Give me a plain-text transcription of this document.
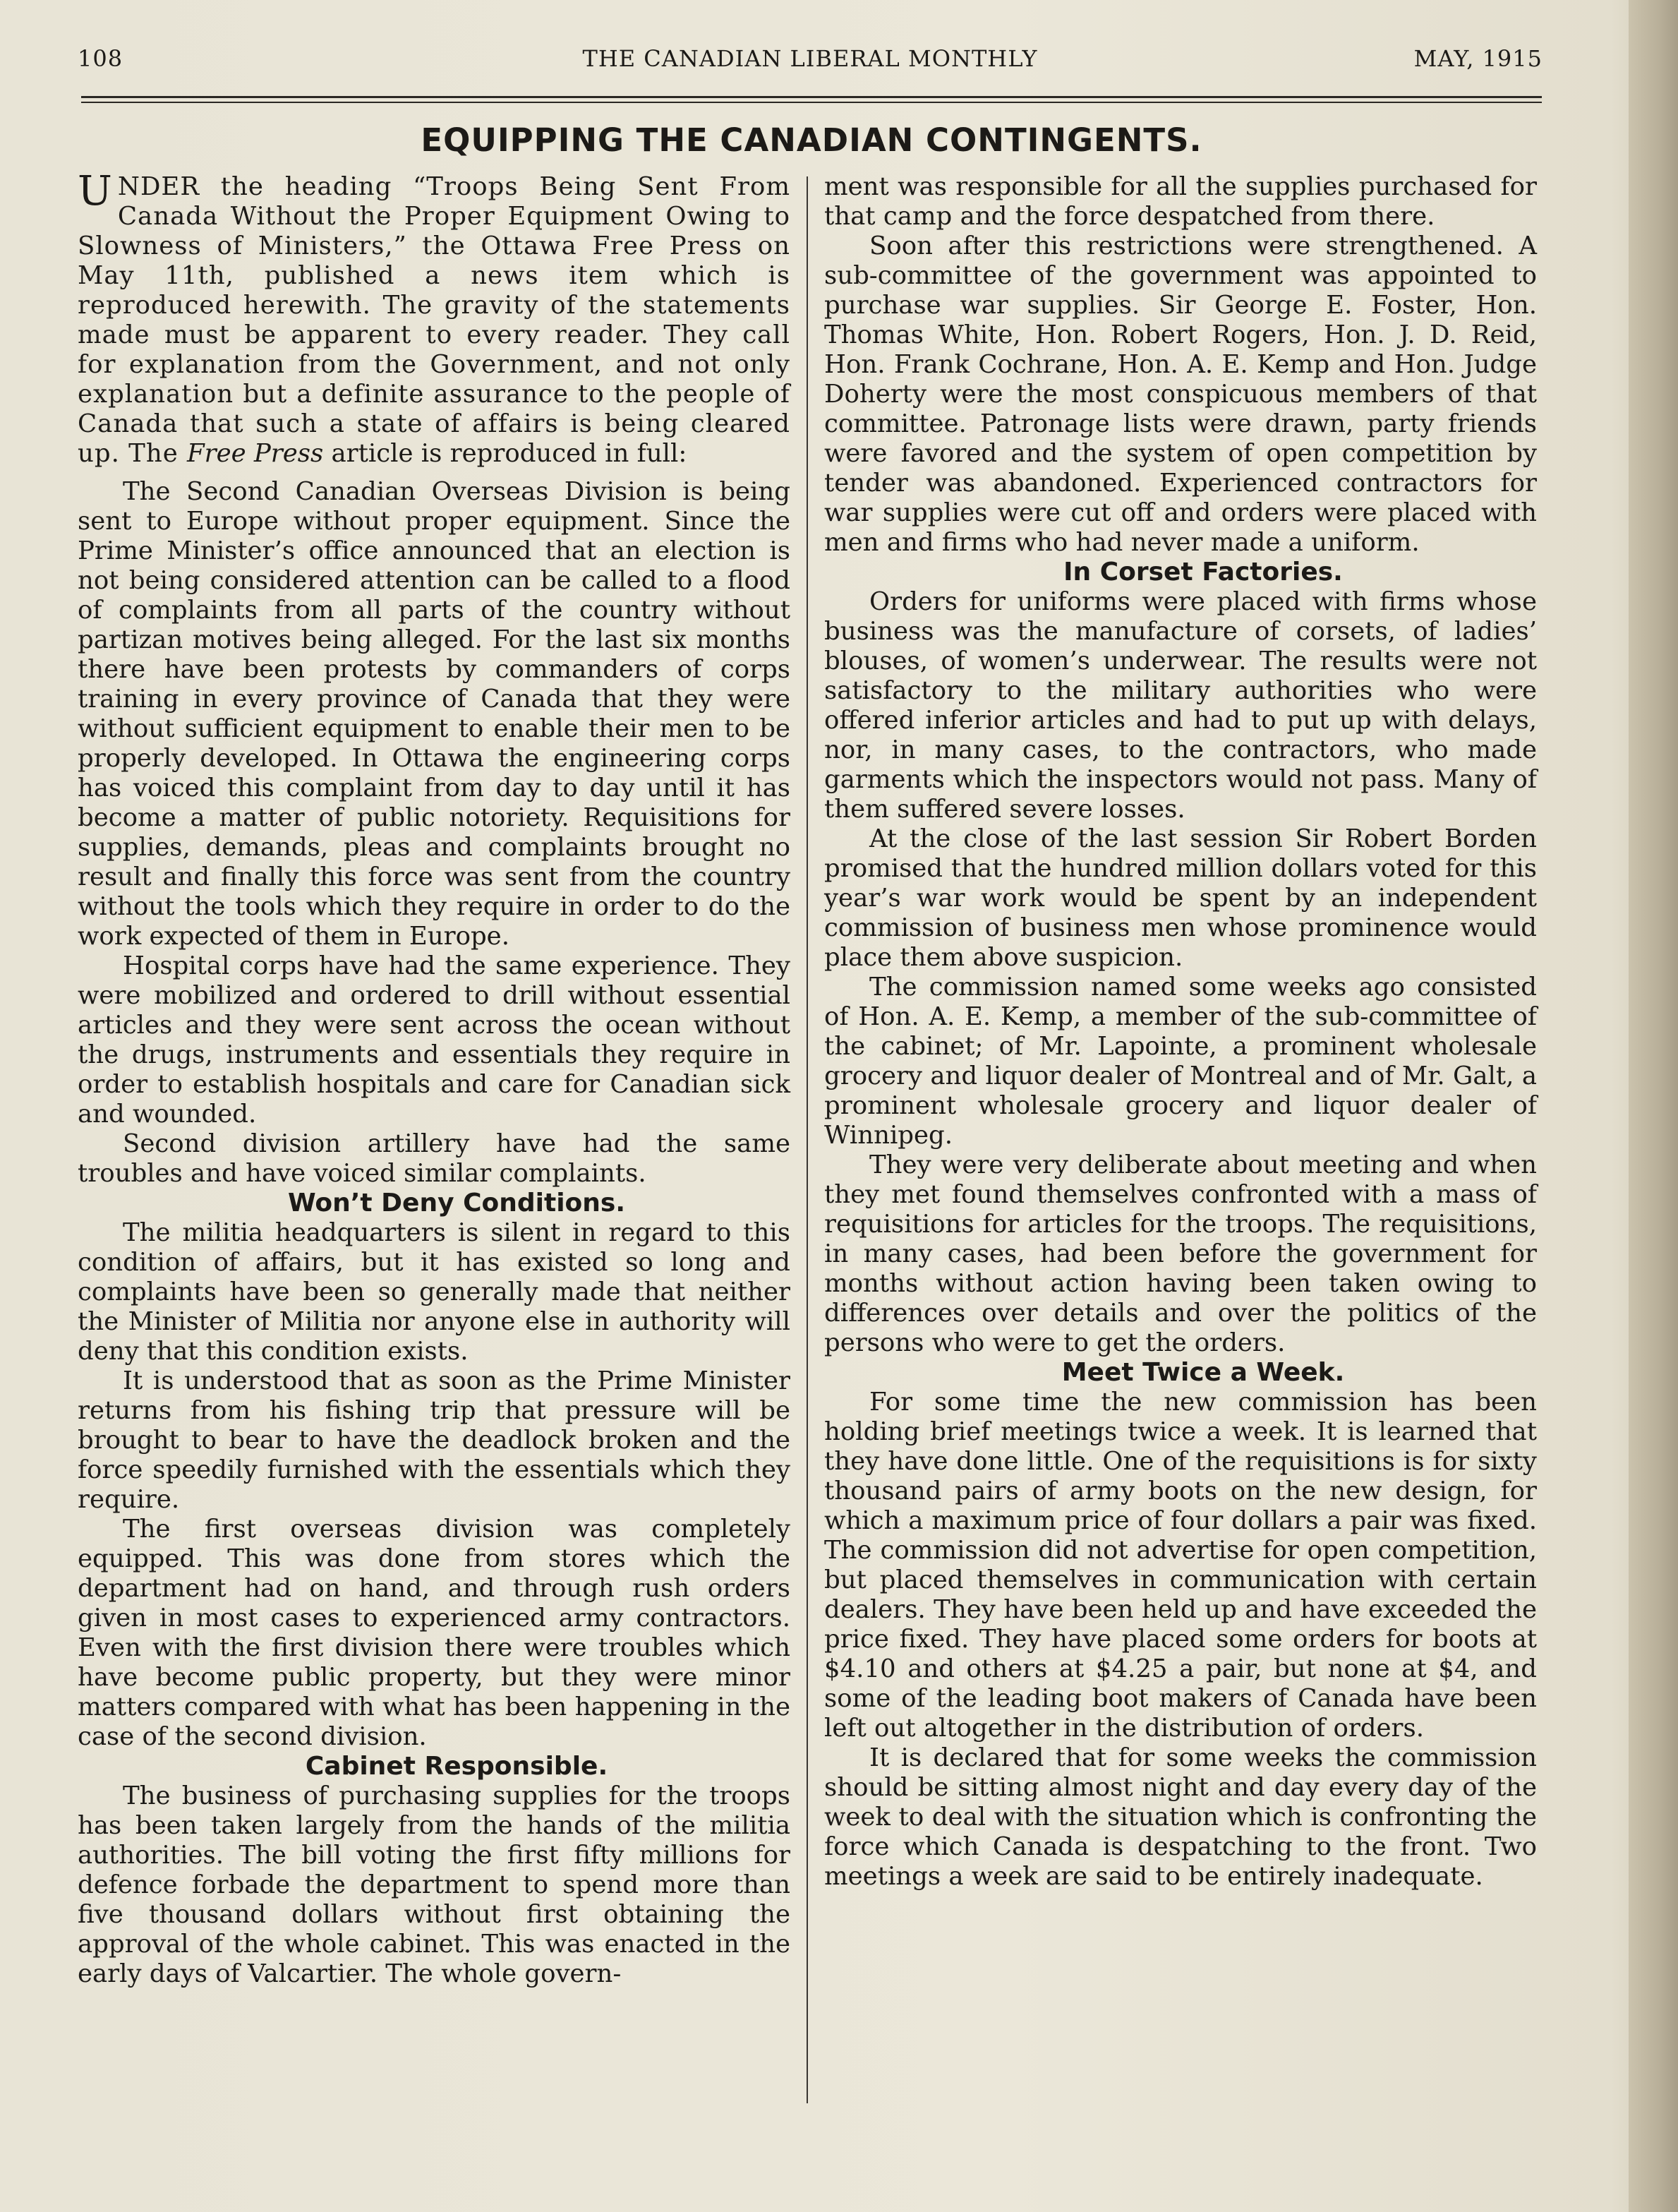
108	THE CANADIAN LIBERAL MONTHLY	MAY, 1915
EQUIPPING THE CANADIAN CONTINGENTS.

UNDER the heading “Troops Being Sent From Canada Without the Proper Equipment Owing to Slowness of Ministers,” the Ottawa Free Press on May 11th, published a news item which is reproduced herewith. The gravity of the statements made must be apparent to every reader. They call for explanation from the Government, and not only explanation but a definite assurance to the people of Canada that such a state of affairs is being cleared up. The Free Press article is reproduced in full:

The Second Canadian Overseas Division is being sent to Europe without proper equipment. Since the Prime Minister’s office announced that an election is not being considered attention can be called to a flood of complaints from all parts of the country without partizan motives being alleged. For the last six months there have been protests by commanders of corps training in every province of Canada that they were without sufficient equipment to enable their men to be properly developed. In Ottawa the engineering corps has voiced this complaint from day to day until it has become a matter of public notoriety. Requisitions for supplies, demands, pleas and complaints brought no result and finally this force was sent from the country without the tools which they require in order to do the work expected of them in Europe.

Hospital corps have had the same experience. They were mobilized and ordered to drill without essential articles and they were sent across the ocean without the drugs, instruments and essentials they require in order to establish hospitals and care for Canadian sick and wounded.

Second division artillery have had the same troubles and have voiced similar complaints.

Won’t Deny Conditions.

The militia headquarters is silent in regard to this condition of affairs, but it has existed so long and complaints have been so generally made that neither the Minister of Militia nor anyone else in authority will deny that this condition exists.

It is understood that as soon as the Prime Minister returns from his fishing trip that pressure will be brought to bear to have the deadlock broken and the force speedily furnished with the essentials which they require.

The first overseas division was completely equipped. This was done from stores which the department had on hand, and through rush orders given in most cases to experienced army contractors. Even with the first division there were troubles which have become public property, but they were minor matters compared with what has been happening in the case of the second division.

Cabinet Responsible.

The business of purchasing supplies for the troops has been taken largely from the hands of the militia authorities. The bill voting the first fifty millions for defence forbade the department to spend more than five thousand dollars without first obtaining the approval of the whole cabinet. This was enacted in the early days of Valcartier. The whole govern-

ment was responsible for all the supplies purchased for that camp and the force despatched from there.

Soon after this restrictions were strengthened. A sub-committee of the government was appointed to purchase war supplies. Sir George E. Foster, Hon. Thomas White, Hon. Robert Rogers, Hon. J. D. Reid, Hon. Frank Cochrane, Hon. A. E. Kemp and Hon. Judge Doherty were the most conspicuous members of that committee. Patronage lists were drawn, party friends were favored and the system of open competition by tender was abandoned. Experienced contractors for war supplies were cut off and orders were placed with men and firms who had never made a uniform.

In Corset Factories.

Orders for uniforms were placed with firms whose business was the manufacture of corsets, of ladies’ blouses, of women’s underwear. The results were not satisfactory to the military authorities who were offered inferior articles and had to put up with delays, nor, in many cases, to the contractors, who made garments which the inspectors would not pass. Many of them suffered severe losses.

At the close of the last session Sir Robert Borden promised that the hundred million dollars voted for this year’s war work would be spent by an independent commission of business men whose prominence would place them above suspicion.

The commission named some weeks ago consisted of Hon. A. E. Kemp, a member of the sub-committee of the cabinet; of Mr. Lapointe, a prominent wholesale grocery and liquor dealer of Montreal and of Mr. Galt, a prominent wholesale grocery and liquor dealer of Winnipeg.

They were very deliberate about meeting and when they met found themselves confronted with a mass of requisitions for articles for the troops. The requisitions, in many cases, had been before the government for months without action having been taken owing to differences over details and over the politics of the persons who were to get the orders.

Meet Twice a Week.

For some time the new commission has been holding brief meetings twice a week. It is learned that they have done little. One of the requisitions is for sixty thousand pairs of army boots on the new design, for which a maximum price of four dollars a pair was fixed. The commission did not advertise for open competition, but placed themselves in communication with certain dealers. They have been held up and have exceeded the price fixed. They have placed some orders for boots at $4.10 and others at $4.25 a pair, but none at $4, and some of the leading boot makers of Canada have been left out altogether in the distribution of orders.

It is declared that for some weeks the commission should be sitting almost night and day every day of the week to deal with the situation which is confronting the force which Canada is despatching to the front. Two meetings a week are said to be entirely inadequate.
